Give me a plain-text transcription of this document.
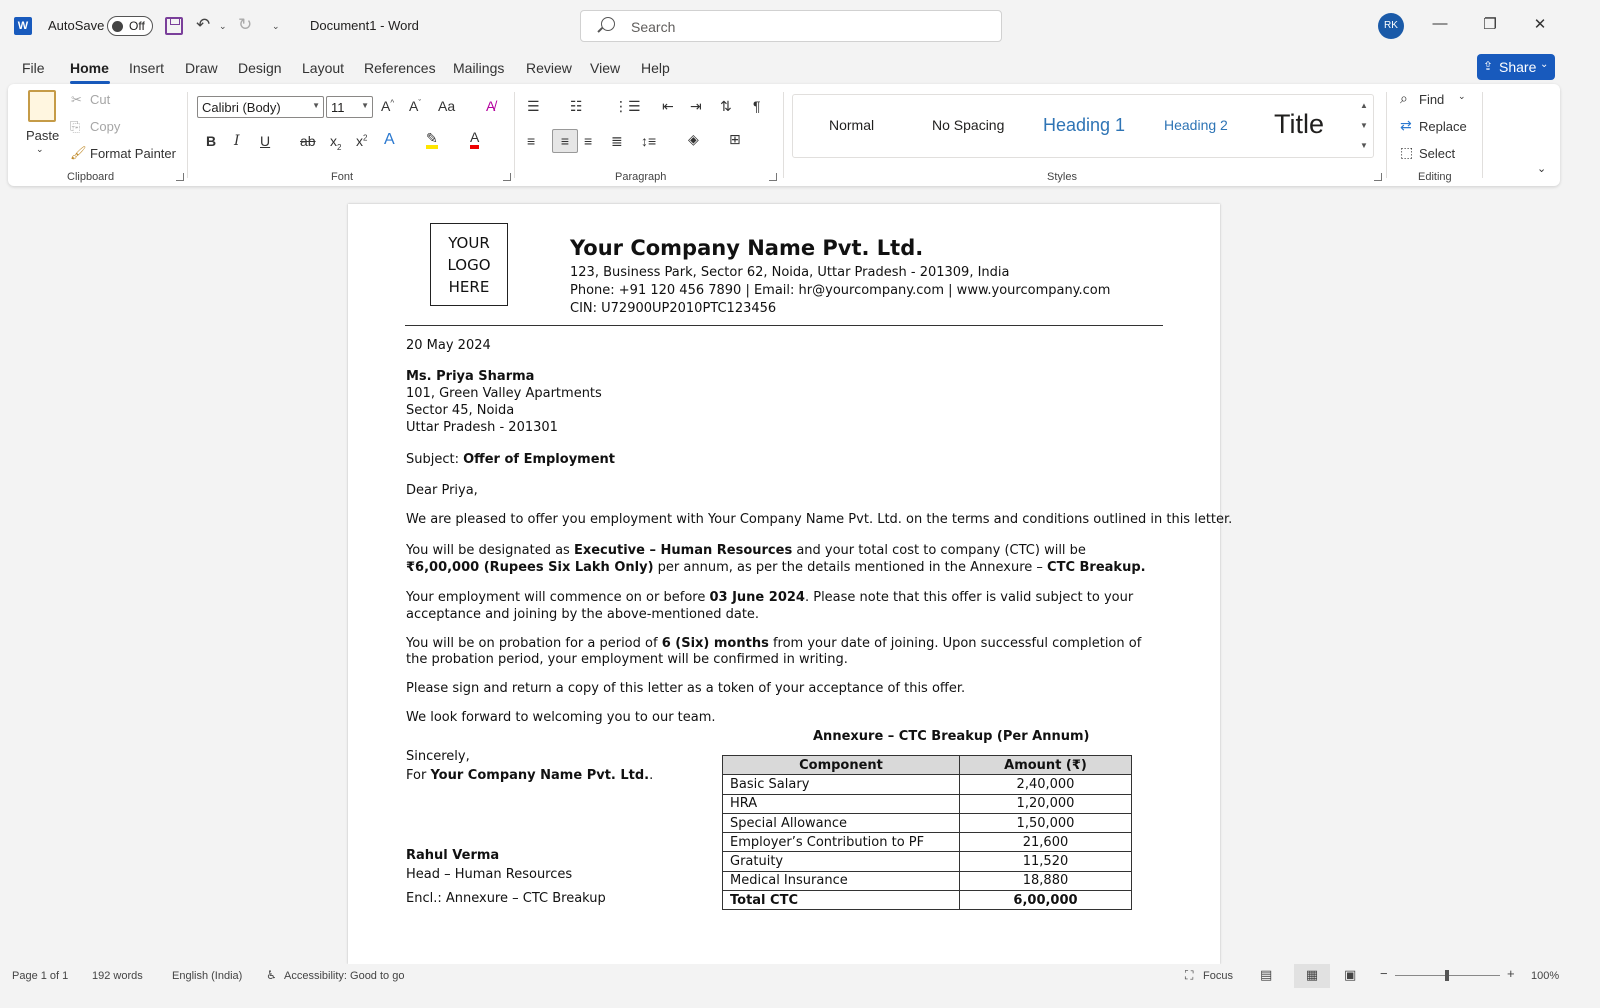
W AutoSave Off	↶ ⌄ ↻ ⌄ Document1 - Word	Search	RK	— ❐ ✕
File Home Insert Draw Design Layout References Mailings Review View Help	⇪ Share ⌄
Paste
⌄
✂ Cut
⎘ Copy
🖌 Format Painter
Calibri (Body)	▼ 11 ▼ A^ $A^ˇ$ Aa A̸
B I U ab $x_2$ $x^2$ A ✎ A
Font
☰ ☷ ⋮☰ ⇤ ⇥ ⇅ ¶
≡	≡	≡ ≣ ↕≡ ◈ ⊞
Paragraph	Styles
⌕ Find ⌄
⇄ Replace
⬚ Select
Editing
⌄
Clipboard
Normal	No Spacing Heading 1	Heading 2 Title
▲
▼
▼
YOUR
LOGO
HERE
Your Company Name Pvt. Ltd.
123, Business Park, Sector 62, Noida, Uttar Pradesh - 201309, India
Phone: +91 120 456 7890 | Email: hr@yourcompany.com | www.yourcompany.com
CIN: U72900UP2010PTC123456
20 May 2024
Ms. Priya Sharma
101, Green Valley Apartments
Sector 45, Noida
Uttar Pradesh - 201301
Subject: Offer of Employment
Dear Priya,
We are pleased to offer you employment with Your Company Name Pvt. Ltd. on the terms and conditions outlined in this letter.
You will be designated as Executive – Human Resources and your total cost to company (CTC) will be ₹6,00,000 (Rupees Six Lakh Only) per annum, as per the details mentioned in the Annexure – CTC Breakup.
Your employment will commence on or before 03 June 2024. Please note that this offer is valid subject to your acceptance and joining by the above-mentioned date.
You will be on probation for a period of 6 (Six) months from your date of joining. Upon successful completion of the probation period, your employment will be confirmed in writing.
Please sign and return a copy of this letter as a token of your acceptance of this offer.
We look forward to welcoming you to our team.
Sincerely,
For Your Company Name Pvt. Ltd..
Rahul Verma
Head – Human Resources
Encl.: Annexure – CTC Breakup
Annexure – CTC Breakup (Per Annum)
Component	Amount (₹)
Basic Salary	2,40,000
HRA	1,20,000
Special Allowance	1,50,000
Employer’s Contribution to PF	21,600
Gratuity	11,520
Medical Insurance	18,880
Total CTC	6,00,000
Page 1 of 1 192 words	English (India) ♿ Accessibility: Good to go	⛶ Focus ▤	▦	▣ −	+ 100%
